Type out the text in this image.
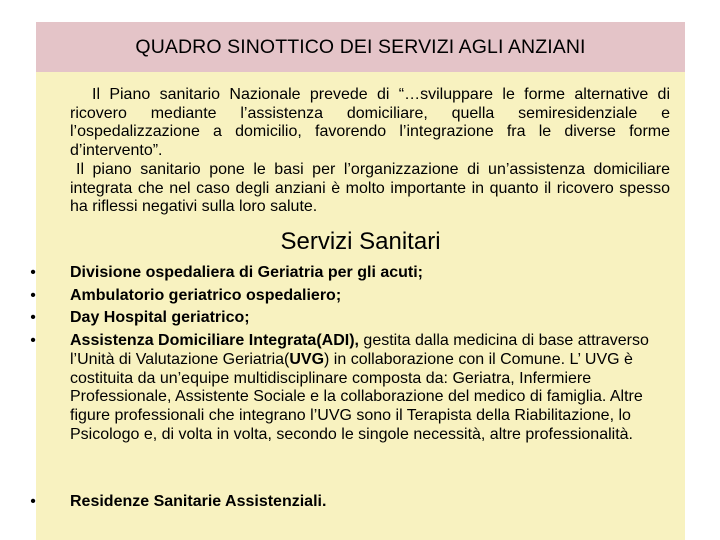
QUADRO SINOTTICO DEI SERVIZI AGLI ANZIANI

Il Piano sanitario Nazionale prevede di “…sviluppare le forme alternative di ricovero mediante l’assistenza domiciliare, quella semiresidenziale e l’ospedalizzazione a domicilio, favorendo l’integrazione fra le diverse forme d’intervento”.

Il piano sanitario pone le basi per l’organizzazione di un’assistenza domiciliare integrata che nel caso degli anziani è molto importante in quanto il ricovero spesso ha riflessi negativi sulla loro salute.

Servizi Sanitari
• Divisione ospedaliera di Geriatria per gli acuti;
• Ambulatorio geriatrico ospedaliero;
• Day Hospital geriatrico;
• Assistenza Domiciliare Integrata(ADI), gestita dalla medicina di base attraverso l’Unità di Valutazione Geriatria(UVG) in collaborazione con il Comune. L’ UVG è costituita da un’equipe multidisciplinare composta da: Geriatra, Infermiere Professionale, Assistente Sociale e la collaborazione del medico di famiglia. Altre figure professionali che integrano l’UVG sono il Terapista della Riabilitazione, lo Psicologo e, di volta in volta, secondo le singole necessità, altre professionalità.
• Residenze Sanitarie Assistenziali.
